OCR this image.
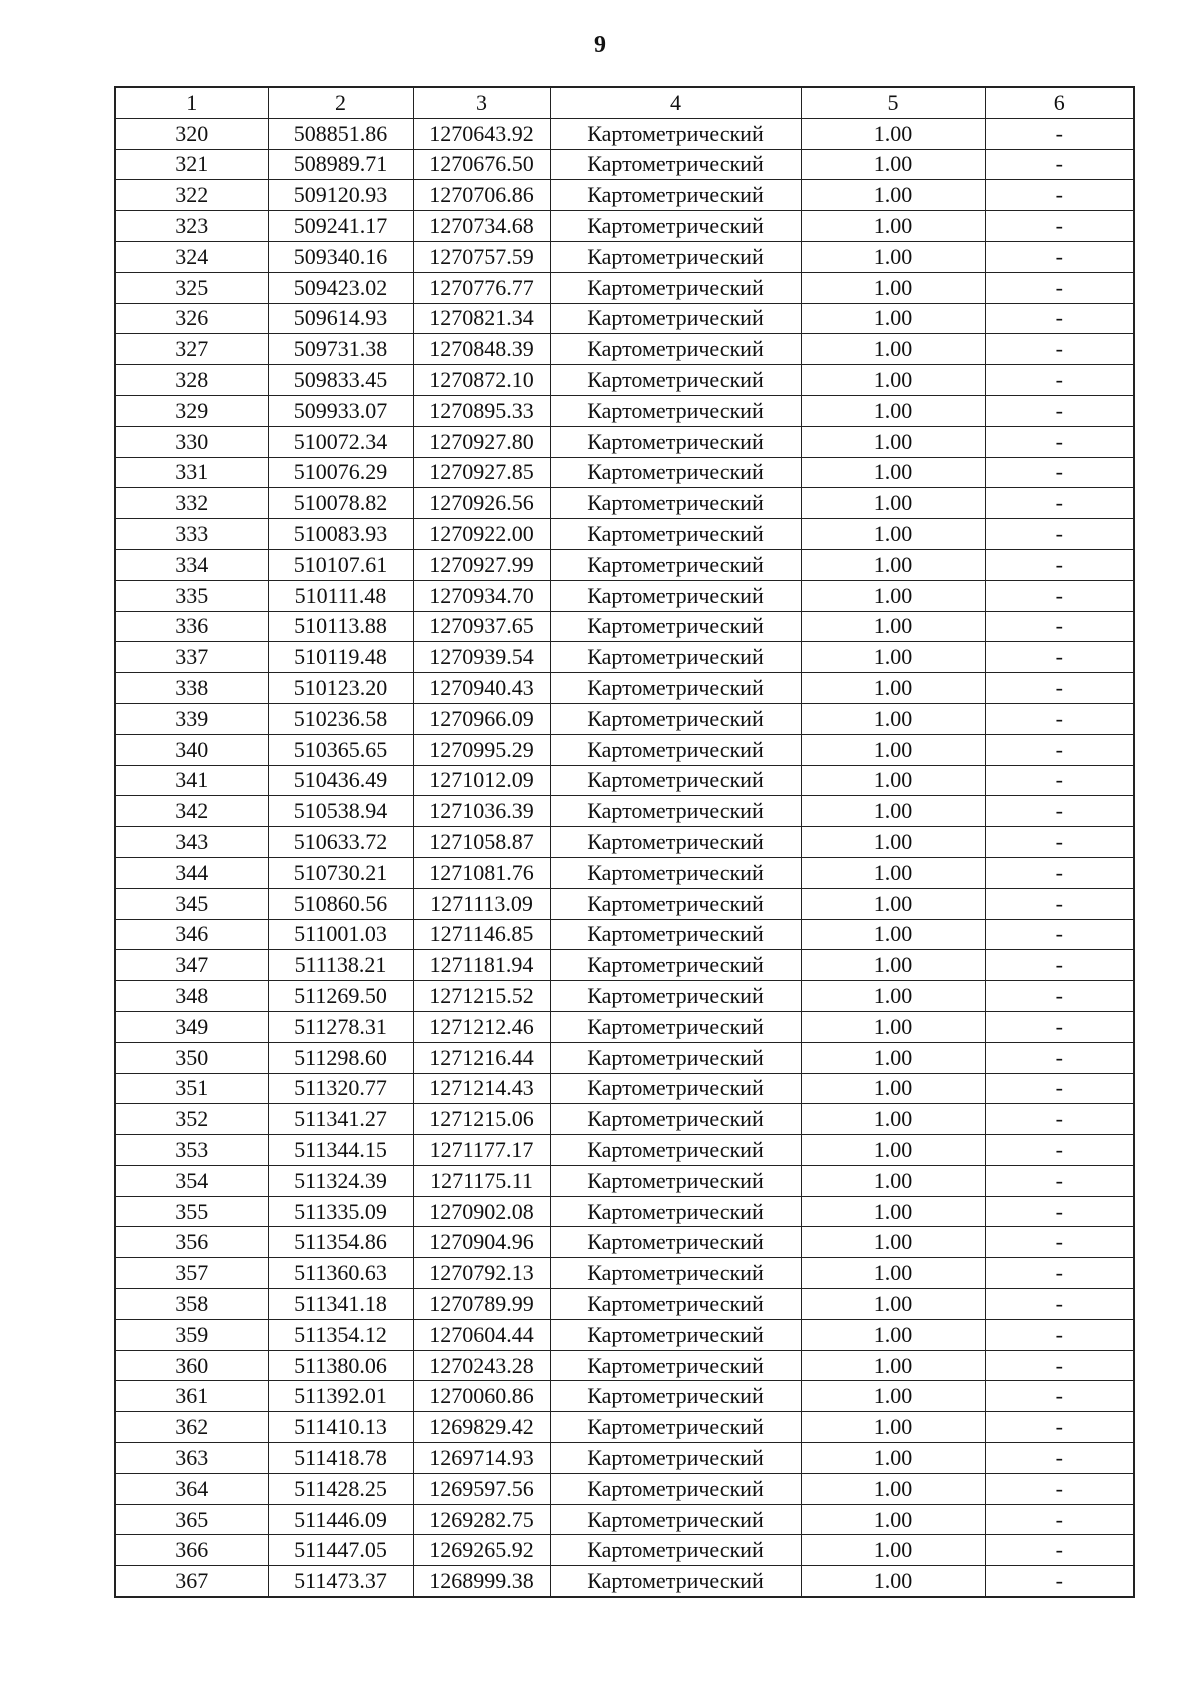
9
1	2	3	4	5	6
320	508851.86	1270643.92	Картометрический	1.00	-
321	508989.71	1270676.50	Картометрический	1.00	-
322	509120.93	1270706.86	Картометрический	1.00	-
323	509241.17	1270734.68	Картометрический	1.00	-
324	509340.16	1270757.59	Картометрический	1.00	-
325	509423.02	1270776.77	Картометрический	1.00	-
326	509614.93	1270821.34	Картометрический	1.00	-
327	509731.38	1270848.39	Картометрический	1.00	-
328	509833.45	1270872.10	Картометрический	1.00	-
329	509933.07	1270895.33	Картометрический	1.00	-
330	510072.34	1270927.80	Картометрический	1.00	-
331	510076.29	1270927.85	Картометрический	1.00	-
332	510078.82	1270926.56	Картометрический	1.00	-
333	510083.93	1270922.00	Картометрический	1.00	-
334	510107.61	1270927.99	Картометрический	1.00	-
335	510111.48	1270934.70	Картометрический	1.00	-
336	510113.88	1270937.65	Картометрический	1.00	-
337	510119.48	1270939.54	Картометрический	1.00	-
338	510123.20	1270940.43	Картометрический	1.00	-
339	510236.58	1270966.09	Картометрический	1.00	-
340	510365.65	1270995.29	Картометрический	1.00	-
341	510436.49	1271012.09	Картометрический	1.00	-
342	510538.94	1271036.39	Картометрический	1.00	-
343	510633.72	1271058.87	Картометрический	1.00	-
344	510730.21	1271081.76	Картометрический	1.00	-
345	510860.56	1271113.09	Картометрический	1.00	-
346	511001.03	1271146.85	Картометрический	1.00	-
347	511138.21	1271181.94	Картометрический	1.00	-
348	511269.50	1271215.52	Картометрический	1.00	-
349	511278.31	1271212.46	Картометрический	1.00	-
350	511298.60	1271216.44	Картометрический	1.00	-
351	511320.77	1271214.43	Картометрический	1.00	-
352	511341.27	1271215.06	Картометрический	1.00	-
353	511344.15	1271177.17	Картометрический	1.00	-
354	511324.39	1271175.11	Картометрический	1.00	-
355	511335.09	1270902.08	Картометрический	1.00	-
356	511354.86	1270904.96	Картометрический	1.00	-
357	511360.63	1270792.13	Картометрический	1.00	-
358	511341.18	1270789.99	Картометрический	1.00	-
359	511354.12	1270604.44	Картометрический	1.00	-
360	511380.06	1270243.28	Картометрический	1.00	-
361	511392.01	1270060.86	Картометрический	1.00	-
362	511410.13	1269829.42	Картометрический	1.00	-
363	511418.78	1269714.93	Картометрический	1.00	-
364	511428.25	1269597.56	Картометрический	1.00	-
365	511446.09	1269282.75	Картометрический	1.00	-
366	511447.05	1269265.92	Картометрический	1.00	-
367	511473.37	1268999.38	Картометрический	1.00	-
